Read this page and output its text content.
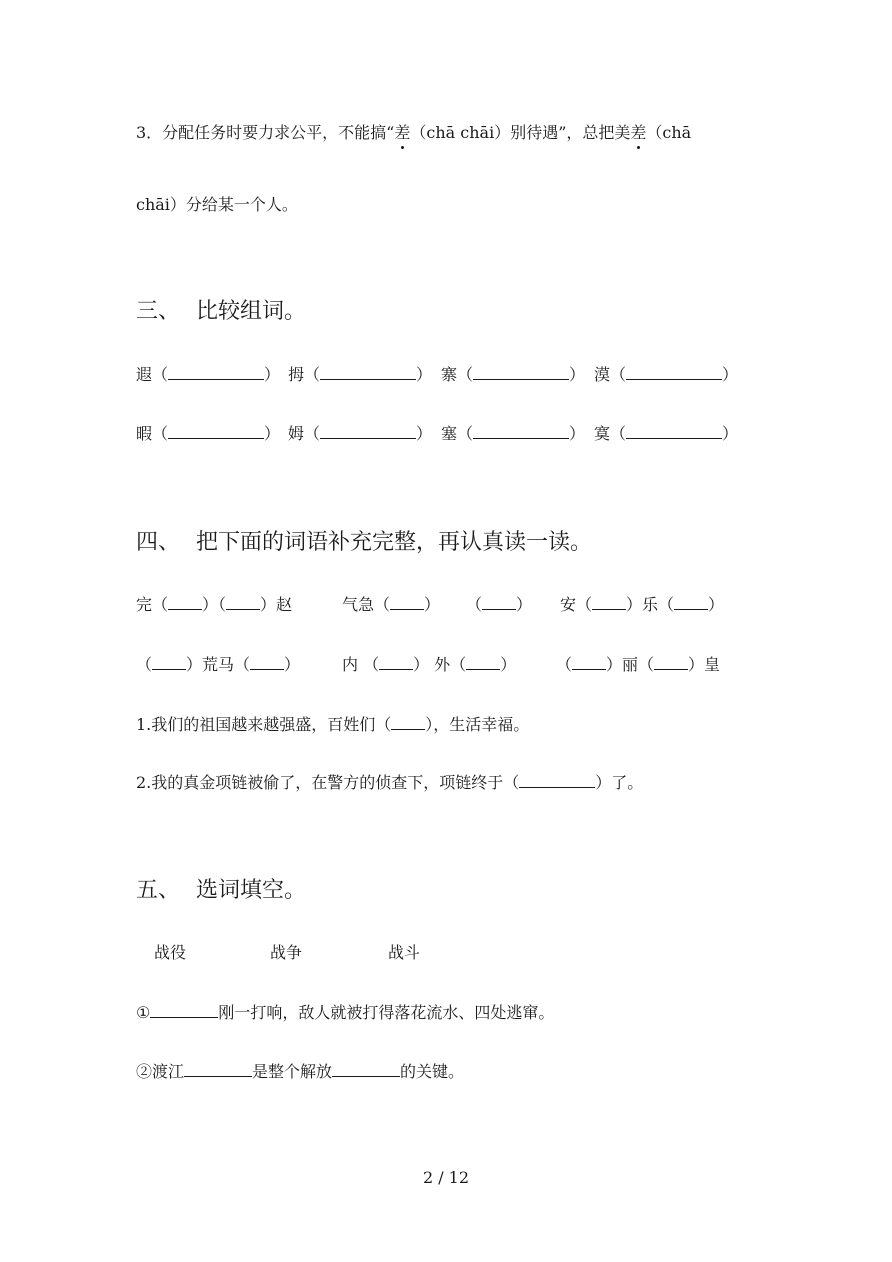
3．分配任务时要力求公平，不能搞“差（chā chāi）别待遇”，总把美差（chā
chāi）分给某一个人。
三、 比较组词。
遐（	） 拇（	） 寨（	） 漠（	）
暇（	） 姆（	） 塞（	） 寞（	）
四、 把下面的词语补充完整，再认真读一读。
完（ ）（ ）赵	气急（ ） （ ） 安（ ）乐（ ）
（ ）荒马（ ）	内 （ ） 外（ ） （ ）丽（ ）皇
1.我们的祖国越来越强盛，百姓们（ ），生活幸福。
2.我的真金项链被偷了，在警方的侦查下，项链终于（	）了。
五、 选词填空。
战役	战争	战斗
①	刚一打响，敌人就被打得落花流水、四处逃窜。
②渡江	是整个解放	的关键。
2 / 12
